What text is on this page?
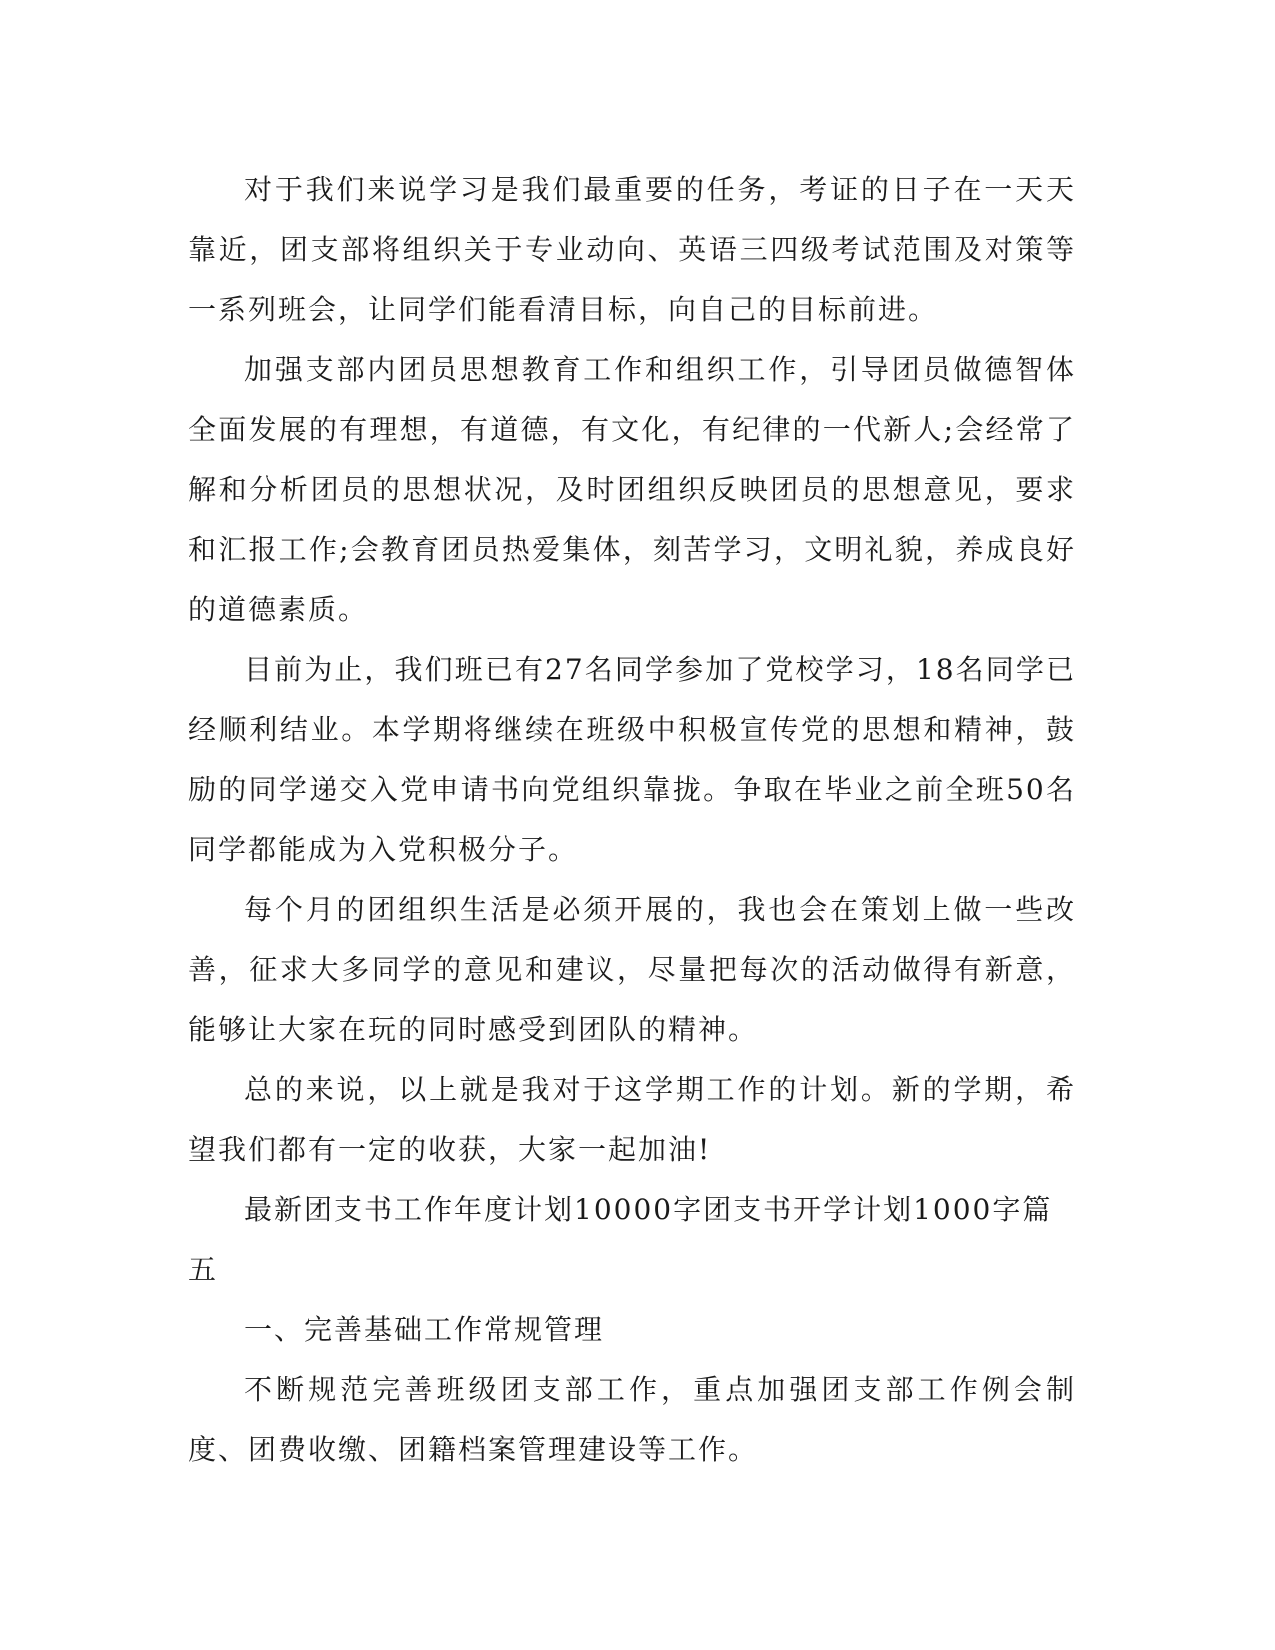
对于我们来说学习是我们最重要的任务，考证的日子在一天天靠近，团支部将组织关于专业动向、英语三四级考试范围及对策等一系列班会，让同学们能看清目标，向自己的目标前进。

加强支部内团员思想教育工作和组织工作，引导团员做德智体全面发展的有理想，有道德，有文化，有纪律的一代新人;会经常了解和分析团员的思想状况，及时团组织反映团员的思想意见，要求和汇报工作;会教育团员热爱集体，刻苦学习，文明礼貌，养成良好的道德素质。

目前为止，我们班已有27名同学参加了党校学习，18名同学已经顺利结业。本学期将继续在班级中积极宣传党的思想和精神，鼓励的同学递交入党申请书向党组织靠拢。争取在毕业之前全班50名同学都能成为入党积极分子。

每个月的团组织生活是必须开展的，我也会在策划上做一些改善，征求大多同学的意见和建议，尽量把每次的活动做得有新意，能够让大家在玩的同时感受到团队的精神。

总的来说，以上就是我对于这学期工作的计划。新的学期，希望我们都有一定的收获，大家一起加油!

最新团支书工作年度计划10000字团支书开学计划1000字篇五

一、完善基础工作常规管理

不断规范完善班级团支部工作，重点加强团支部工作例会制度、团费收缴、团籍档案管理建设等工作。
